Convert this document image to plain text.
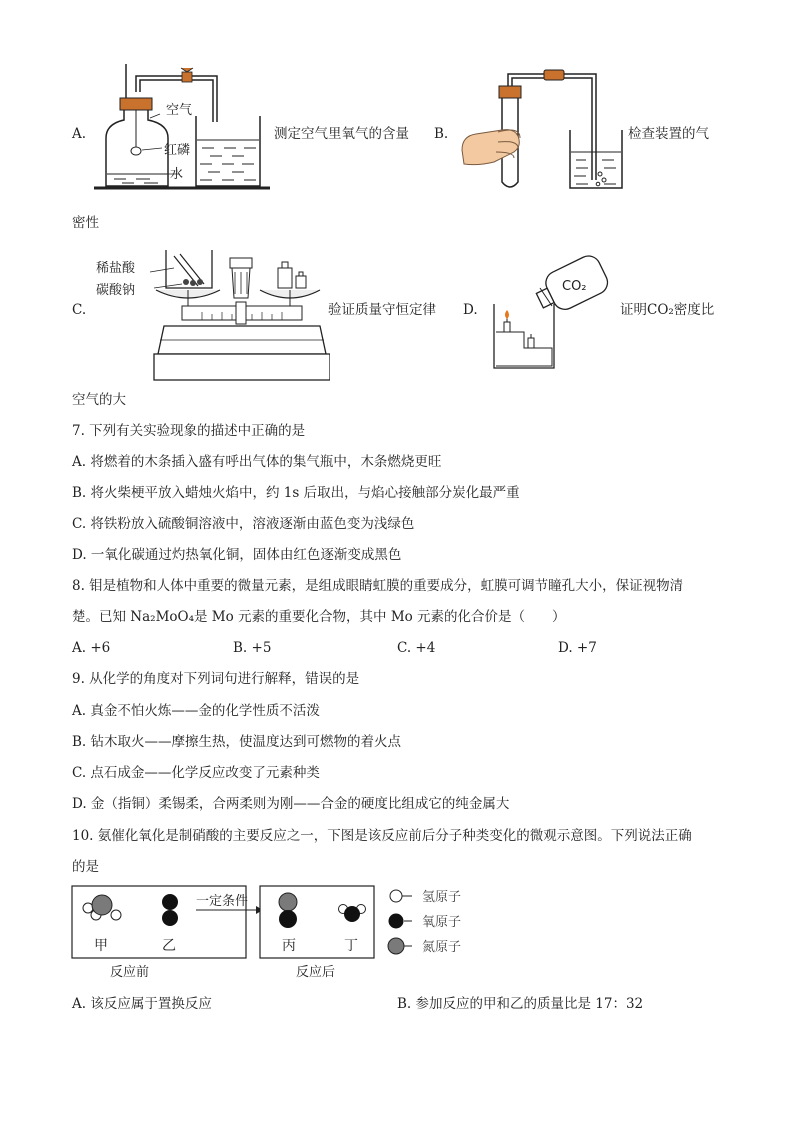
A.
空气
红磷
水
测定空气里氧气的含量 B.	检查装置的气
密性
C.
稀盐酸
碳酸钠
验证质量守恒定律 D.
CO₂
证明CO₂密度比
空气的大
7. 下列有关实验现象的描述中正确的是
A. 将燃着的木条插入盛有呼出气体的集气瓶中，木条燃烧更旺
B. 将火柴梗平放入蜡烛火焰中，约 1s 后取出，与焰心接触部分炭化最严重
C. 将铁粉放入硫酸铜溶液中，溶液逐渐由蓝色变为浅绿色
D. 一氧化碳通过灼热氧化铜，固体由红色逐渐变成黑色
8. 钼是植物和人体中重要的微量元素，是组成眼睛虹膜的重要成分，虹膜可调节瞳孔大小，保证视物清
楚。已知 Na₂MoO₄是 Mo 元素的重要化合物，其中 Mo 元素的化合价是（　　）
A. +6	B. +5	C. +4	D. +7
9. 从化学的角度对下列词句进行解释，错误的是
A. 真金不怕火炼——金的化学性质不活泼
B. 钻木取火——摩擦生热，使温度达到可燃物的着火点
C. 点石成金——化学反应改变了元素种类
D. 金（指铜）柔锡柔，合两柔则为刚——合金的硬度比组成它的纯金属大
10. 氨催化氧化是制硝酸的主要反应之一，下图是该反应前后分子种类变化的微观示意图。下列说法正确
的是
甲	乙
反应前
一定条件
丙	丁
反应后
氢原子
氧原子
氮原子
A. 该反应属于置换反应	B. 参加反应的甲和乙的质量比是 17：32
